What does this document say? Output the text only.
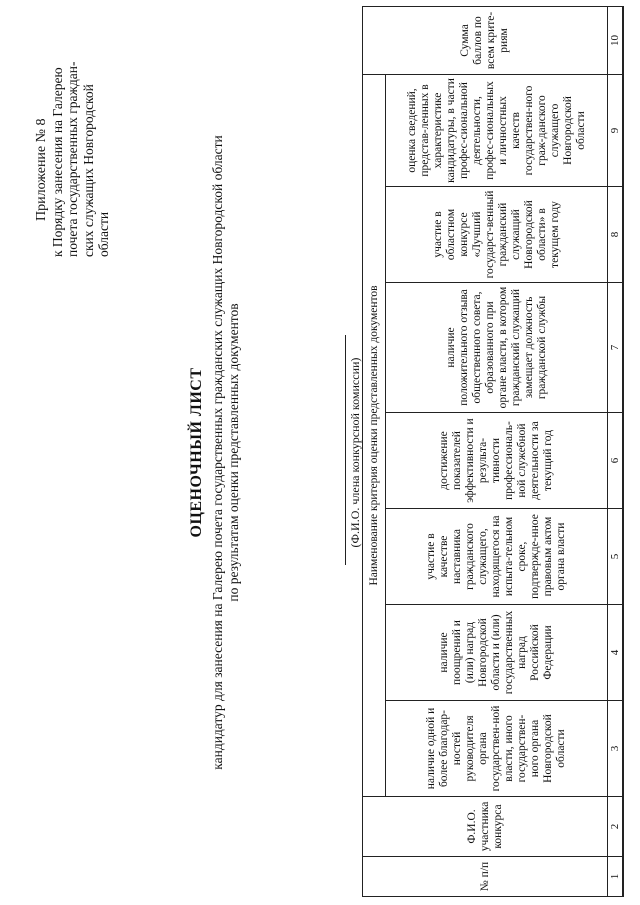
Приложение № 8 к Порядку занесения на Галерею почета государственных граждан- ских служащих Новгородской области
ОЦЕНОЧНЫЙ ЛИСТ кандидатур для занесения на Галерею почета государственных гражданских служащих Новгородской области по результатам оценки представленных документов	(Ф.И.О. члена конкурсной комиссии)
№ п/п	Ф.И.О. участника конкурса	Наименование критерия оценки представленных документов							Сумма баллов по всем крите-риям
		наличие одной и более благодар-ностей руководителя органа государствен-ной власти, иного государствен-ного органа Новгородской области	наличие поощрений и (или) наград Новгородской области и (или) государственных наград Российской Федерации	участие в качестве наставника гражданского служащего, находящегося на испыта-тельном сроке, подтвержде-нное правовым актом органа власти	достижение показателей эффективности и результа-тивности профессиональ-ной служебной деятельности за текущий год	наличие положительного отзыва общественного совета, образованного при органе власти, в котором гражданский служащий замещает должность гражданской службы	участие в областном конкурсе «Лучший государст-венный гражданский служащий Новгородской области» в текущем году	оценка сведений, представ-ленных в характеристике кандидатуры, в части профес-сиональной деятельности, профес-сиональных и личностных качеств государствен-ного граж-данского служащего Новгородской области	
1	2	3	4	5	6	7	8	9	10
